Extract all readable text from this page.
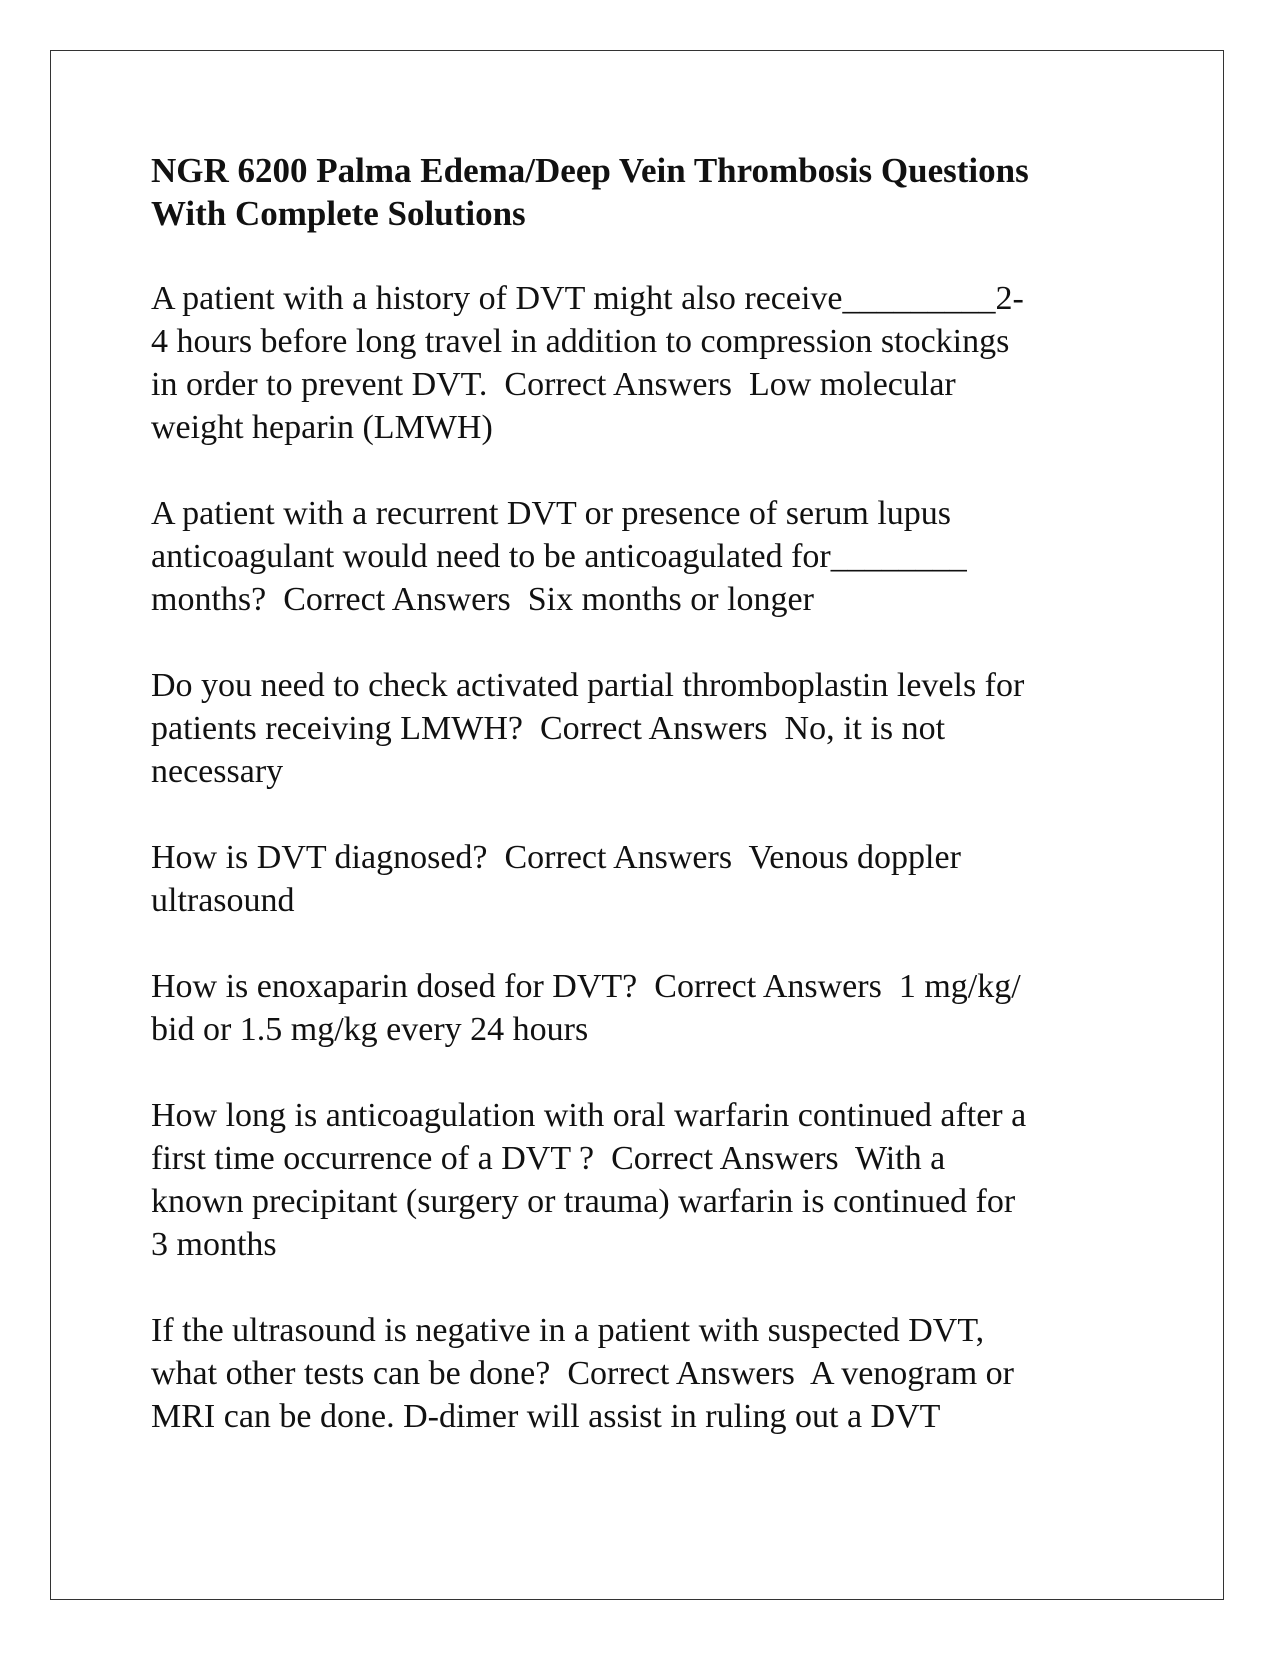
NGR 6200 Palma Edema/Deep Vein Thrombosis Questions
With Complete Solutions
A patient with a history of DVT might also receive_________2-
4 hours before long travel in addition to compression stockings
in order to prevent DVT.  Correct Answers  Low molecular
weight heparin (LMWH)
A patient with a recurrent DVT or presence of serum lupus
anticoagulant would need to be anticoagulated for________
months?  Correct Answers  Six months or longer
Do you need to check activated partial thromboplastin levels for
patients receiving LMWH?  Correct Answers  No, it is not
necessary
How is DVT diagnosed?  Correct Answers  Venous doppler
ultrasound
How is enoxaparin dosed for DVT?  Correct Answers  1 mg/kg/
bid or 1.5 mg/kg every 24 hours
How long is anticoagulation with oral warfarin continued after a
first time occurrence of a DVT ?  Correct Answers  With a
known precipitant (surgery or trauma) warfarin is continued for
3 months
If the ultrasound is negative in a patient with suspected DVT,
what other tests can be done?  Correct Answers  A venogram or
MRI can be done. D-dimer will assist in ruling out a DVT
